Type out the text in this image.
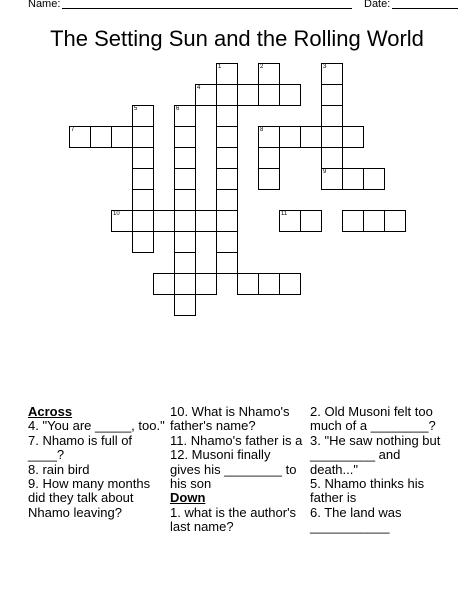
Name:	Date:
The Setting Sun and the Rolling World
1	2	3
9
4
5	6
7	8
10	11
Across
4. "You are _____, too."
7. Nhamo is full of ____?
8. rain bird
9. How many months did they talk about Nhamo leaving?
10. What is Nhamo's father's name?
11. Nhamo's father is a
12. Musoni finally gives his ________ to his son
Down
1. what is the author's last name?
2. Old Musoni felt too much of a ________?
3. "He saw nothing but _________ and death..."
5. Nhamo thinks his father is
6. The land was ___________
